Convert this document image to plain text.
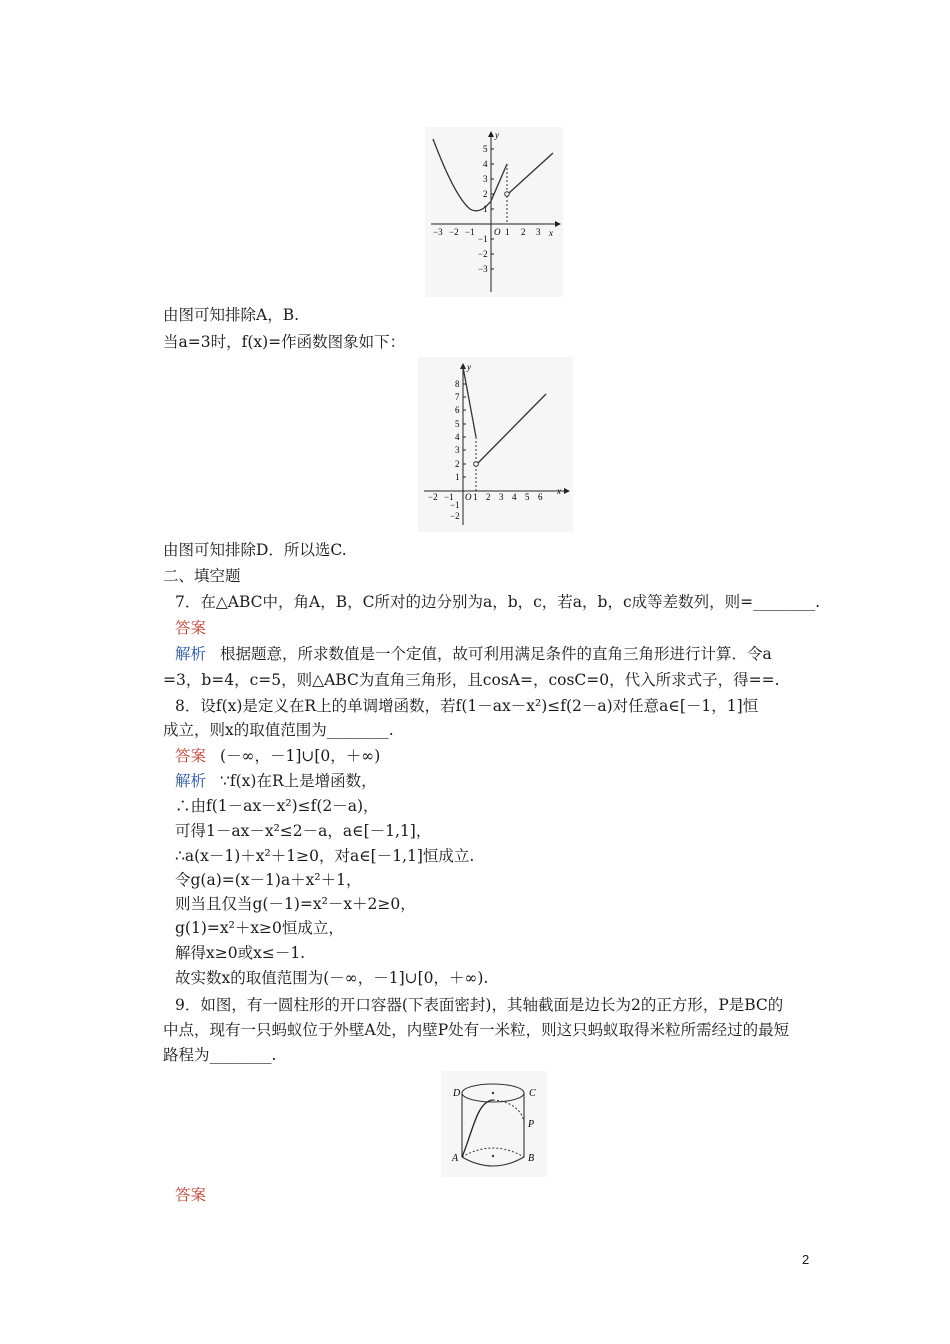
y
x
O
−3 −2 −1	1 2 3
5
4
3
2
1
−1
−2
−3
由图可知排除A，B.
当a=3时，f(x)=作函数图象如下：
y
x
O
−2 −1 1 2 3 4 5 6
8
7
6
5
4
3
2
1
−1
−2
由图可知排除D．所以选C.
二、填空题
7．在△ABC中，角A，B，C所对的边分别为a，b，c，若a，b，c成等差数列，则=________.
答案
解析 根据题意，所求数值是一个定值，故可利用满足条件的直角三角形进行计算．令a
=3，b=4，c=5，则△ABC为直角三角形，且cosA=，cosC=0，代入所求式子，得==.
8．设f(x)是定义在R上的单调增函数，若f(1－ax－x²)≤f(2－a)对任意a∈[－1，1]恒
成立，则x的取值范围为________.
答案 (－∞，－1]∪[0，＋∞)
解析 ∵f(x)在R上是增函数，
∴由f(1－ax－x²)≤f(2－a)，
可得1－ax－x²≤2－a，a∈[－1,1]，
∴a(x－1)＋x²＋1≥0，对a∈[－1,1]恒成立.
令g(a)=(x－1)a＋x²＋1，
则当且仅当g(－1)=x²－x＋2≥0，
g(1)=x²＋x≥0恒成立，
解得x≥0或x≤－1.
故实数x的取值范围为(－∞，－1]∪[0，＋∞).
9．如图，有一圆柱形的开口容器(下表面密封)，其轴截面是边长为2的正方形，P是BC的
中点，现有一只蚂蚁位于外壁A处，内壁P处有一米粒，则这只蚂蚁取得米粒所需经过的最短
路程为________.
D	C
P
A	B
答案
2
